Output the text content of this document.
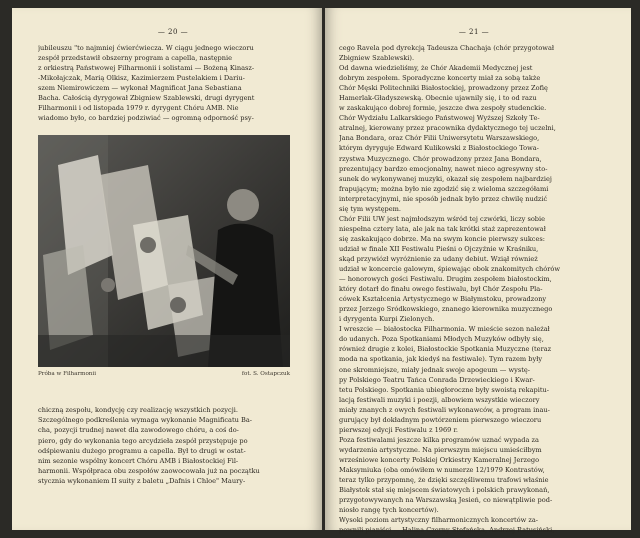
— 20 —

jubileuszu "to najmniej ćwierćwiecza. W ciągu jednego wieczoru
zespół przedstawił obszerny program a capella, następnie
z orkiestrą Państwowej Filharmonii i solistami — Bożeną Kinasz-
-Mikołajczak, Marią Olkisz, Kazimierzem Pustelakiem i Dariu-
szem Niemirowiczem — wykonał Magnificat Jana Sebastiana
Bacha. Całością dyrygował Zbigniew Szablewski, drugi dyrygent
Filharmonii i od listopada 1979 r. dyrygent Chóru AMB. Nie
wiadomo było, co bardziej podziwiać — ogromną odporność psy-

Próba w Filharmonii	fot. S. Ostapczuk

chiczną zespołu, kondycję czy realizację wszystkich pozycji.
Szczególnego podkreślenia wymaga wykonanie Magnificatu Ba-
cha, pozycji trudnej nawet dla zawodowego chóru, a coś do-
piero, gdy do wykonania tego arcydzieła zespół przystępuje po
odśpiewaniu dużego programu a capella. Był to drugi w ostat-
nim sezonie wspólny koncert Chóru AMB i Białostockiej Fil-
harmonii. Współpraca obu zespołów zaowocowała już na początku
stycznia wykonaniem II suity z baletu „Dafnis i Chloe" Maury-

— 21 —

cego Ravela pod dyrekcją Tadeusza Chachaja (chór przygotował
Zbigniew Szablewski).
Od dawna wiedzieliśmy, że Chór Akademii Medycznej jest
dobrym zespołem. Sporadyczne koncerty miał za sobą także
Chór Męski Politechniki Białostockiej, prowadzony przez Zofię
Hamerlak-Gładyszewską. Obecnie ujawnily się, i to od razu
w zaskakująco dobrej formie, jeszcze dwa zespoły studenckie.
Chór Wydziału Lalkarskiego Państwowej Wyższej Szkoły Te-
atralnej, kierowany przez pracownika dydaktycznego tej uczelni,
Jana Bondara, oraz Chór Filii Uniwersytetu Warszawskiego,
którym dyryguje Edward Kulikowski z Białostockiego Towa-
rzystwa Muzycznego. Chór prowadzony przez Jana Bondara,
prezentujący bardzo emocjonalny, nawet nieco agresywny sto-
sunek do wykonywanej muzyki, okazał się zespołem najbardziej
frapującym; można było nie zgodzić się z wieloma szczegółami
interpretacyjnymi, nie sposób jednak było przez chwilę nudzić
się tym występem.
Chór Filii UW jest najmłodszym wśród tej czwórki, liczy sobie
niespełna cztery lata, ale jak na tak krótki staż zaprezentował
się zaskakująco dobrze. Ma na swym koncie pierwszy sukces:
udział w finale XII Festiwalu Pieśni o Ojczyźnie w Kraśniku,
skąd przywiózł wyróżnienie za udany debiut. Wziął również
udział w koncercie galowym, śpiewając obok znakomitych chórów
— honorowych gości Festiwalu. Drugim zespołem białostockim,
który dotarł do finału owego festiwalu, był Chór Zespołu Pla-
cówek Kształcenia Artystycznego w Białymstoku, prowadzony
przez Jerzego Sródkowskiego, znanego kierownika muzycznego
i dyrygenta Kurpi Zielonych.
I wreszcie — białostocka Filharmonia. W mieście sezon należał
do udanych. Poza Spotkaniami Młodych Muzyków odbyły się,
również drugie z kolei, Białostockie Spotkania Muzyczne (teraz
moda na spotkania, jak kiedyś na festiwale). Tym razem były
one skromniejsze, miały jednak swoje apogeum — wystę-
py Polskiego Teatru Tańca Conrada Drzewieckiego i Kwar-
tetu Polskiego. Spotkania ubiegłoroczne były swoistą rekapitu-
lacją festiwali muzyki i poezji, albowiem wszystkie wieczory
miały znanych z owych festiwali wykonawców, a program inau-
gurujący był dokładnym powtórzeniem pierwszego wieczoru
pierwszej edycji Festiwalu z 1969 r.
Poza festiwalami jeszcze kilka programów uznać wypada za
wydarzenia artystyczne. Na pierwszym miejscu umieściłbym
wrześniowe koncerty Polskiej Orkiestry Kameralnej Jerzego
Maksymiuka (oba omówiłem w numerze 12/1979 Kontrastów,
teraz tylko przypomnę, że dzięki szczęśliwemu trafowi właśnie
Białystok stał się miejscem światowych i polskich prawykonań,
przygotowywanych na Warszawską Jesień, co niewątpliwie pod-
niosło rangę tych koncertów).
Wysoki poziom artystyczny filharmonicznych koncertów za-
pewnili pianiści — Halina Czerny-Stefańska, Andrzej Ratusiński,
